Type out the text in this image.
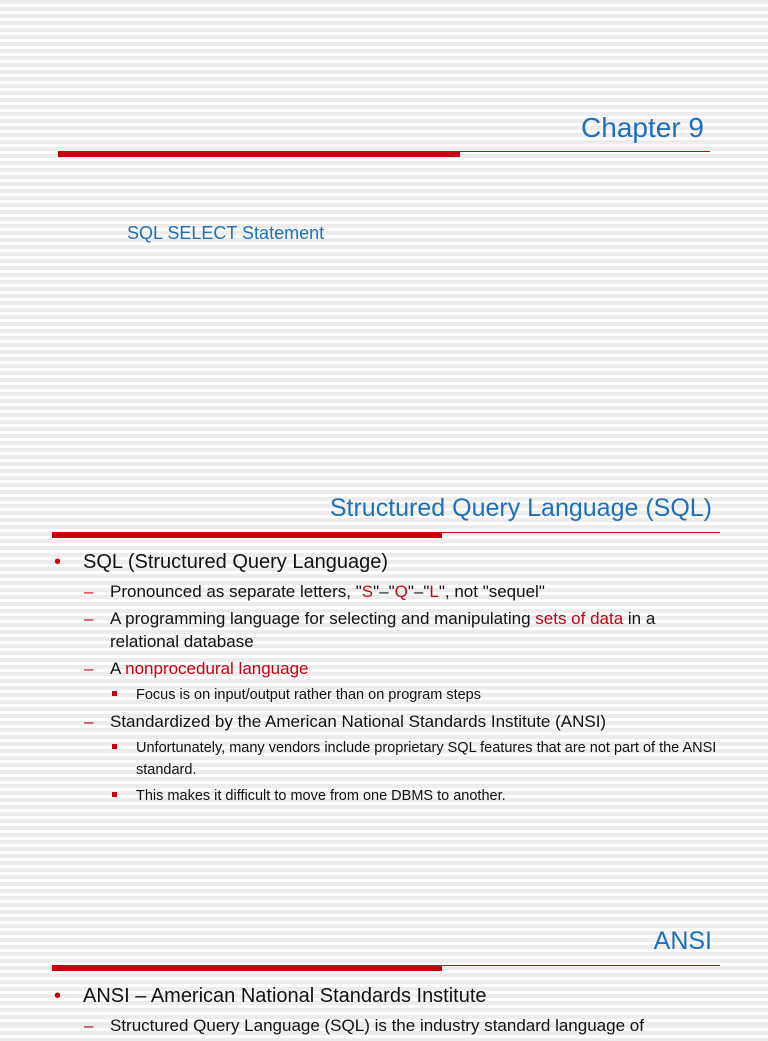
Chapter 9

SQL SELECT Statement

Structured Query Language (SQL)
• SQL (Structured Query Language)
– Pronounced as separate letters, "S"–"Q"–"L", not "sequel"
– A programming language for selecting and manipulating sets of data in a relational database
– A nonprocedural language
Focus is on input/output rather than on program steps
– Standardized by the American National Standards Institute (ANSI)
Unfortunately, many vendors include proprietary SQL features that are not part of the ANSI standard.
This makes it difficult to move from one DBMS to another.
ANSI
• ANSI – American National Standards Institute
– Structured Query Language (SQL) is the industry standard language of
